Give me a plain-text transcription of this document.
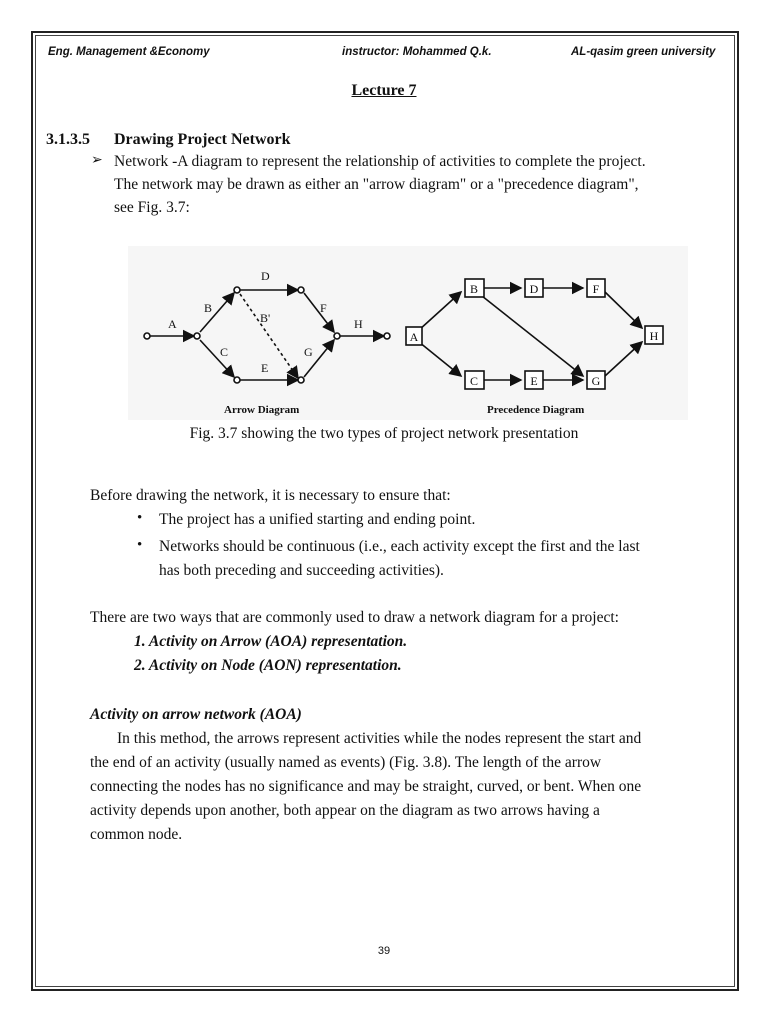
Eng. Management &Economy	instructor: Mohammed Q.k.	AL-qasim green university
Lecture 7
3.1.3.5 Drawing Project Network
➢ Network -A diagram to represent the relationship of activities to complete the project.
The network may be drawn as either an "arrow diagram" or a "precedence diagram",
see Fig. 3.7:
A
B
B'
C
D
E
F
G
H
Arrow Diagram
A
B
C
D
E
F
G
H
Precedence Diagram
Fig. 3.7 showing the two types of project network presentation
Before drawing the network, it is necessary to ensure that:
• The project has a unified starting and ending point.
• Networks should be continuous (i.e., each activity except the first and the last
has both preceding and succeeding activities).
There are two ways that are commonly used to draw a network diagram for a project:
1. Activity on Arrow (AOA) representation.
2. Activity on Node (AON) representation.
Activity on arrow network (AOA)
In this method, the arrows represent activities while the nodes represent the start and
the end of an activity (usually named as events) (Fig. 3.8). The length of the arrow
connecting the nodes has no significance and may be straight, curved, or bent. When one
activity depends upon another, both appear on the diagram as two arrows having a
common node.
39
